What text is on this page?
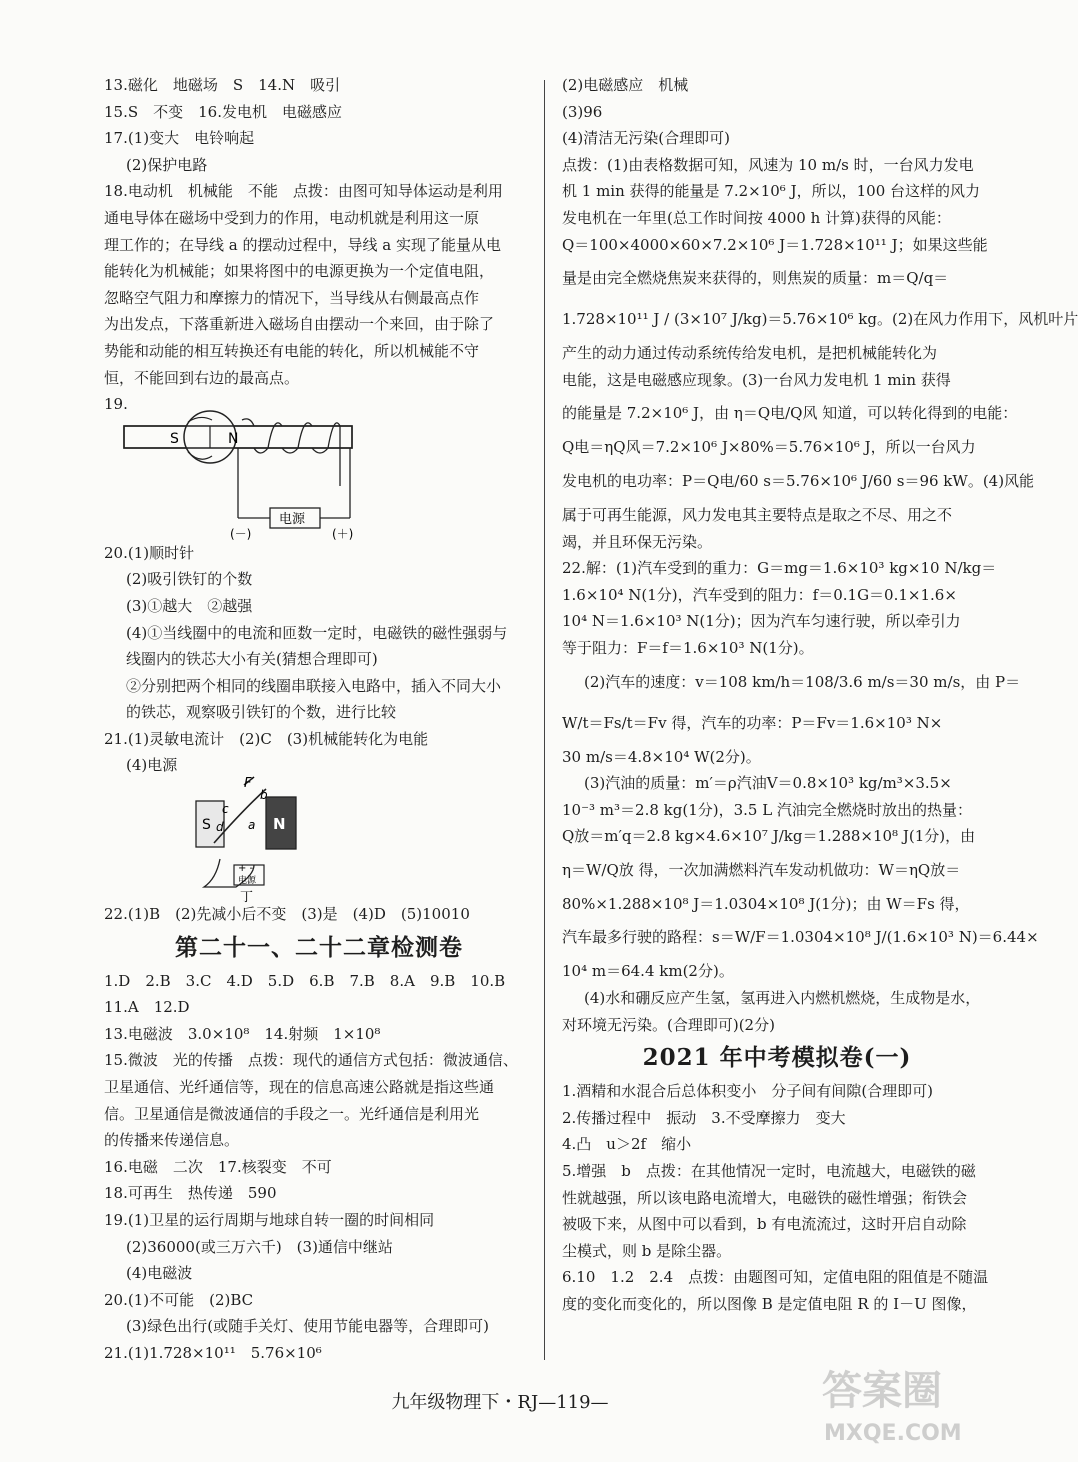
13.磁化　地磁场　S　14.N　吸引
15.S　不变　16.发电机　电磁感应
17.(1)变大　电铃响起
(2)保护电路
18.电动机　机械能　不能　点拨：由图可知导体运动是利用
通电导体在磁场中受到力的作用，电动机就是利用这一原
理工作的；在导线 a 的摆动过程中，导线 a 实现了能量从电
能转化为机械能；如果将图中的电源更换为一个定值电阻，
忽略空气阻力和摩擦力的情况下，当导线从右侧最高点作
为出发点，下落重新进入磁场自由摆动一个来回，由于除了
势能和动能的相互转换还有电能的转化，所以机械能不守
恒，不能回到右边的最高点。
19.
S	N
电源
(－)	(＋)
20.(1)顺时针
(2)吸引铁钉的个数
(3)①越大　②越强
(4)①当线圈中的电流和匝数一定时，电磁铁的磁性强弱与
线圈内的铁芯大小有关(猜想合理即可)
②分别把两个相同的线圈串联接入电路中，插入不同大小
的铁芯，观察吸引铁钉的个数，进行比较
21.(1)灵敏电流计　(2)C　(3)机械能转化为电能
(4)电源
F′
b
c
d a
S	N
+ -
电源
丁
22.(1)B　(2)先减小后不变　(3)是　(4)D　(5)10010
第二十一、二十二章检测卷
1.D　2.B　3.C　4.D　5.D　6.B　7.B　8.A　9.B　10.B
11.A　12.D
13.电磁波　3.0×10⁸　14.射频　1×10⁸
15.微波　光的传播　点拨：现代的通信方式包括：微波通信、
卫星通信、光纤通信等，现在的信息高速公路就是指这些通
信。卫星通信是微波通信的手段之一。光纤通信是利用光
的传播来传递信息。
16.电磁　二次　17.核裂变　不可
18.可再生　热传递　590
19.(1)卫星的运行周期与地球自转一圈的时间相同
(2)36000(或三万六千)　(3)通信中继站
(4)电磁波
20.(1)不可能　(2)BC
(3)绿色出行(或随手关灯、使用节能电器等，合理即可)
21.(1)1.728×10¹¹　5.76×10⁶
(2)电磁感应　机械
(3)96
(4)清洁无污染(合理即可)
点拨：(1)由表格数据可知，风速为 10 m/s 时，一台风力发电
机 1 min 获得的能量是 7.2×10⁶ J，所以，100 台这样的风力
发电机在一年里(总工作时间按 4000 h 计算)获得的风能：
Q＝100×4000×60×7.2×10⁶ J＝1.728×10¹¹ J；如果这些能
量是由完全燃烧焦炭来获得的，则焦炭的质量：m＝Q/q＝
1.728×10¹¹ J / (3×10⁷ J/kg)＝5.76×10⁶ kg。(2)在风力作用下，风机叶片
产生的动力通过传动系统传给发电机，是把机械能转化为
电能，这是电磁感应现象。(3)一台风力发电机 1 min 获得
的能量是 7.2×10⁶ J，由 η＝Q电/Q风 知道，可以转化得到的电能：
Q电＝ηQ风＝7.2×10⁶ J×80%＝5.76×10⁶ J，所以一台风力
发电机的电功率：P＝Q电/60 s＝5.76×10⁶ J/60 s＝96 kW。(4)风能
属于可再生能源，风力发电其主要特点是取之不尽、用之不
竭，并且环保无污染。
22.解：(1)汽车受到的重力：G＝mg＝1.6×10³ kg×10 N/kg＝
1.6×10⁴ N(1分)，汽车受到的阻力：f＝0.1G＝0.1×1.6×
10⁴ N＝1.6×10³ N(1分)；因为汽车匀速行驶，所以牵引力
等于阻力：F＝f＝1.6×10³ N(1分)。
(2)汽车的速度：v＝108 km/h＝108/3.6 m/s＝30 m/s，由 P＝
W/t＝Fs/t＝Fv 得，汽车的功率：P＝Fv＝1.6×10³ N×
30 m/s＝4.8×10⁴ W(2分)。
(3)汽油的质量：m′＝ρ汽油V＝0.8×10³ kg/m³×3.5×
10⁻³ m³＝2.8 kg(1分)，3.5 L 汽油完全燃烧时放出的热量：
Q放＝m′q＝2.8 kg×4.6×10⁷ J/kg＝1.288×10⁸ J(1分)，由
η＝W/Q放 得，一次加满燃料汽车发动机做功：W＝ηQ放＝
80%×1.288×10⁸ J＝1.0304×10⁸ J(1分)；由 W＝Fs 得，
汽车最多行驶的路程：s＝W/F＝1.0304×10⁸ J/(1.6×10³ N)＝6.44×
10⁴ m＝64.4 km(2分)。
(4)水和硼反应产生氢，氢再进入内燃机燃烧，生成物是水，
对环境无污染。(合理即可)(2分)
2021 年中考模拟卷(一)
1.酒精和水混合后总体积变小　分子间有间隙(合理即可)
2.传播过程中　振动　3.不受摩擦力　变大
4.凸　u＞2f　缩小
5.增强　b　点拨：在其他情况一定时，电流越大，电磁铁的磁
性就越强，所以该电路电流增大，电磁铁的磁性增强；衔铁会
被吸下来，从图中可以看到，b 有电流流过，这时开启自动除
尘模式，则 b 是除尘器。
6.10　1.2　2.4　点拨：由题图可知，定值电阻的阻值是不随温
度的变化而变化的，所以图像 B 是定值电阻 R 的 I－U 图像，
九年级物理下・RJ—119—	答案圈
MXQE.COM
